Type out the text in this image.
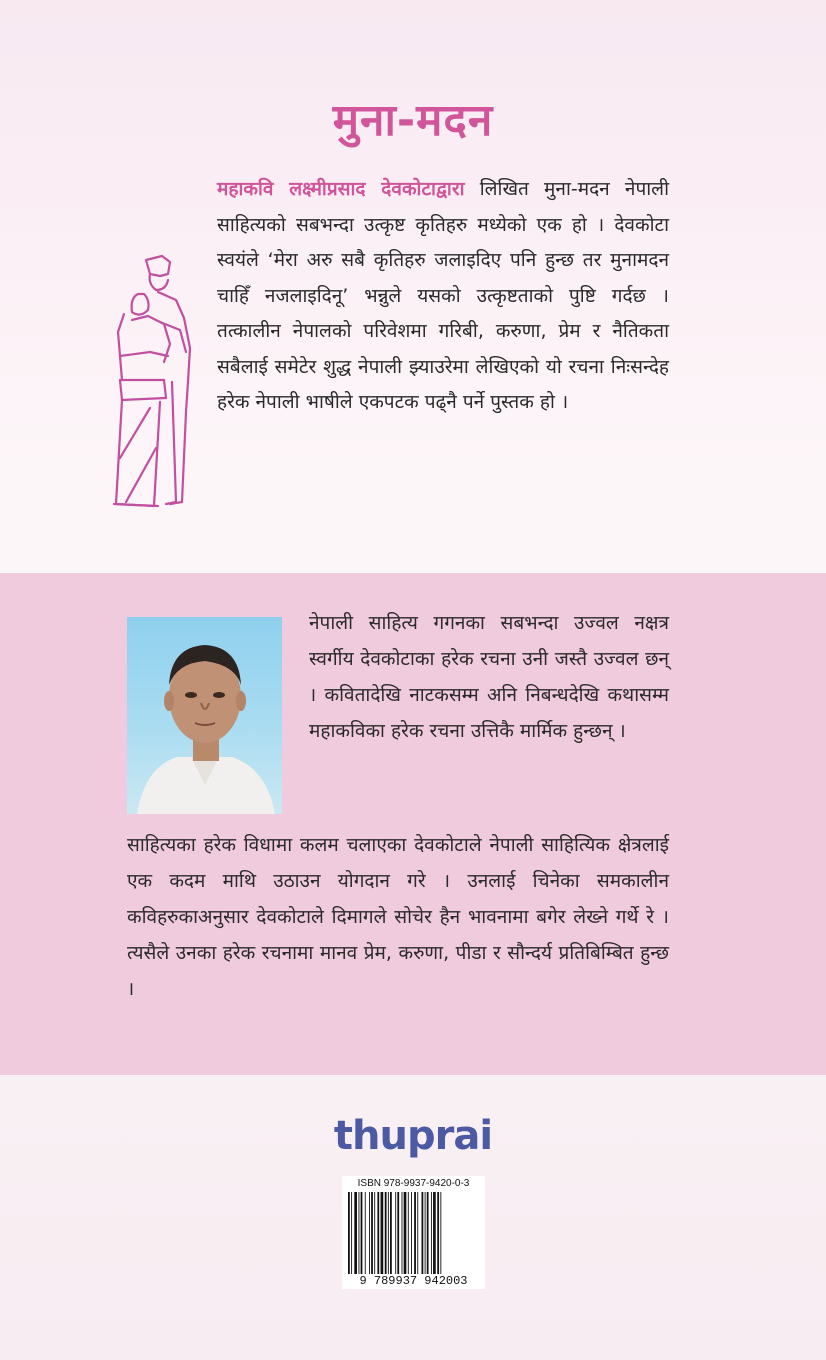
मुना-मदन
महाकवि लक्ष्मीप्रसाद देवकोटाद्वारा लिखित मुना-मदन नेपाली साहित्यको सबभन्दा उत्कृष्ट कृतिहरु मध्येको एक हो । देवकोटा स्वयंले ‘मेरा अरु सबै कृतिहरु जलाइदिए पनि हुन्छ तर मुनामदन चाहिँ नजलाइदिनू’ भन्नुले यसको उत्कृष्टताको पुष्टि गर्दछ । तत्कालीन नेपालको परिवेशमा गरिबी, करुणा, प्रेम र नैतिकता सबैलाई समेटेर शुद्ध नेपाली झ्याउरेमा लेखिएको यो रचना निःसन्देह हरेक नेपाली भाषीले एकपटक पढ्नै पर्ने पुस्तक हो ।
नेपाली साहित्य गगनका सबभन्दा उज्वल नक्षत्र स्वर्गीय देवकोटाका हरेक रचना उनी जस्तै उज्वल छन् । कवितादेखि नाटकसम्म अनि निबन्धदेखि कथासम्म महाकविका हरेक रचना उत्तिकै मार्मिक हुन्छन् ।
साहित्यका हरेक विधामा कलम चलाएका देवकोटाले नेपाली साहित्यिक क्षेत्रलाई एक कदम माथि उठाउन योगदान गरे । उनलाई चिनेका समकालीन कविहरुकाअनुसार देवकोटाले दिमागले सोचेर हैन भावनामा बगेर लेख्ने गर्थे रे । त्यसैले उनका हरेक रचनामा मानव प्रेम, करुणा, पीडा र सौन्दर्य प्रतिबिम्बित हुन्छ ।
thuprai
ISBN 978-9937-9420-0-3
9 789937 942003
